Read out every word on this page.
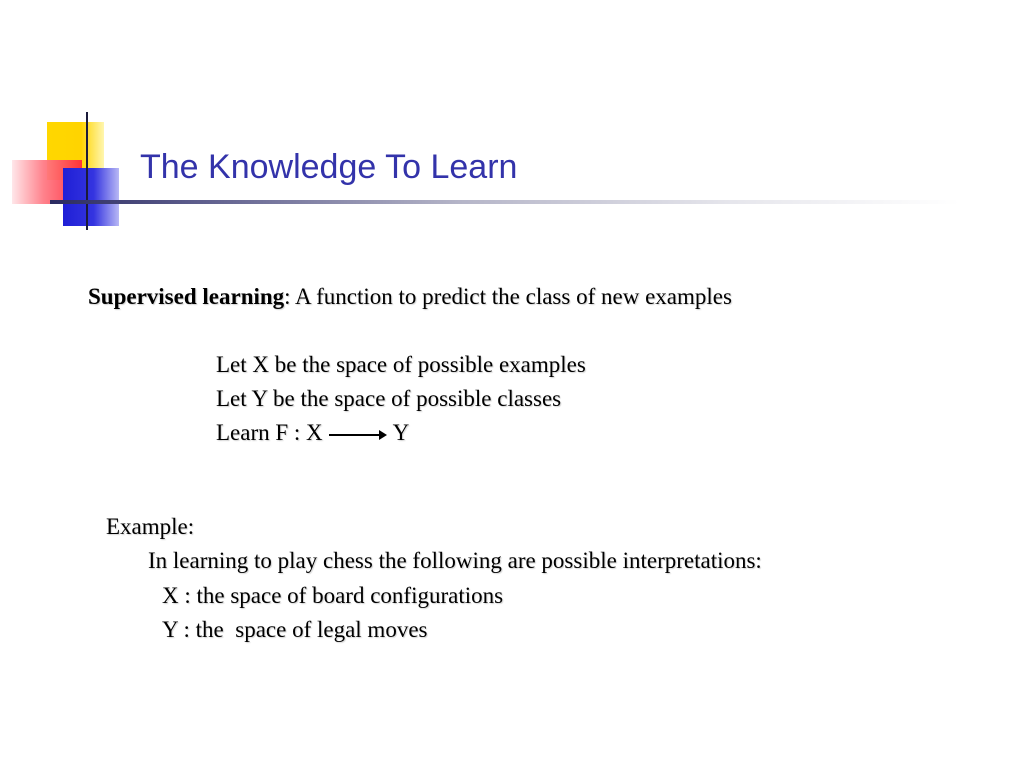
The Knowledge To Learn
Supervised learning: A function to predict the class of new examples
Let X be the space of possible examples
Let Y be the space of possible classes
Learn F : X	Y
Example:
In learning to play chess the following are possible interpretations:
X : the space of board configurations
Y : the  space of legal moves
